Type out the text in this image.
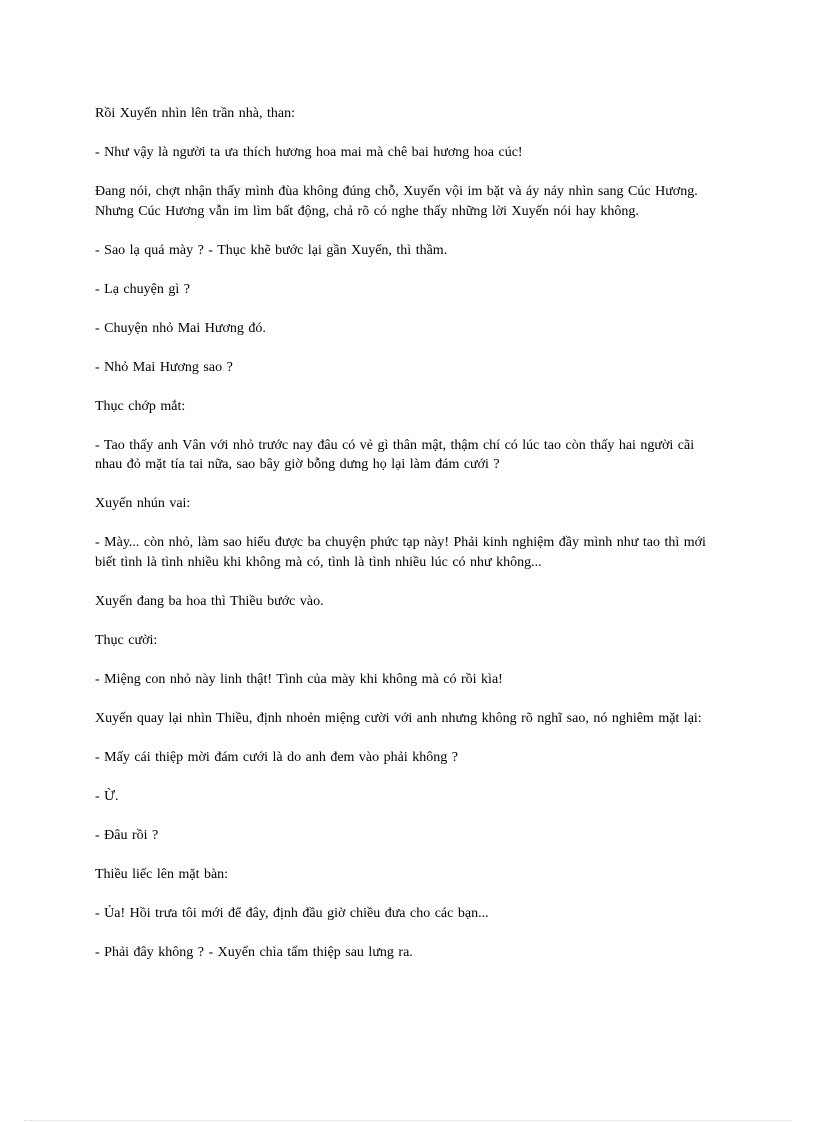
Rồi Xuyến nhìn lên trần nhà, than:

- Như vậy là người ta ưa thích hương hoa mai mà chê bai hương hoa cúc!

Đang nói, chợt nhận thấy mình đùa không đúng chỗ, Xuyến vội im bặt và áy náy nhìn sang Cúc Hương. Nhưng Cúc Hương vẫn im lìm bất động, chả rõ có nghe thấy những lời Xuyến nói hay không.

- Sao lạ quá mày ? - Thục khẽ bước lại gần Xuyến, thì thầm.

- Lạ chuyện gì ?

- Chuyện nhỏ Mai Hương đó.

- Nhỏ Mai Hương sao ?

Thục chớp mắt:

- Tao thấy anh Vân với nhỏ trước nay đâu có vẻ gì thân mật, thậm chí có lúc tao còn thấy hai người cãi nhau đỏ mặt tía tai nữa, sao bây giờ bỗng dưng họ lại làm đám cưới ?

Xuyến nhún vai:

- Mày... còn nhỏ, làm sao hiểu được ba chuyện phức tạp này! Phải kinh nghiệm đầy mình như tao thì mới biết tình là tình nhiều khi không mà có, tình là tình nhiều lúc có như không...

Xuyến đang ba hoa thì Thiều bước vào.

Thục cười:

- Miệng con nhỏ này linh thật! Tình của mày khi không mà có rồi kìa!

Xuyến quay lại nhìn Thiều, định nhoẻn miệng cười với anh nhưng không rõ nghĩ sao, nó nghiêm mặt lại:

- Mấy cái thiệp mời đám cưới là do anh đem vào phải không ?

- Ừ.

- Đâu rồi ?

Thiều liếc lên mặt bàn:

- Ủa! Hồi trưa tôi mới để đây, định đầu giờ chiều đưa cho các bạn...

- Phải đây không ? - Xuyến chìa tấm thiệp sau lưng ra.
